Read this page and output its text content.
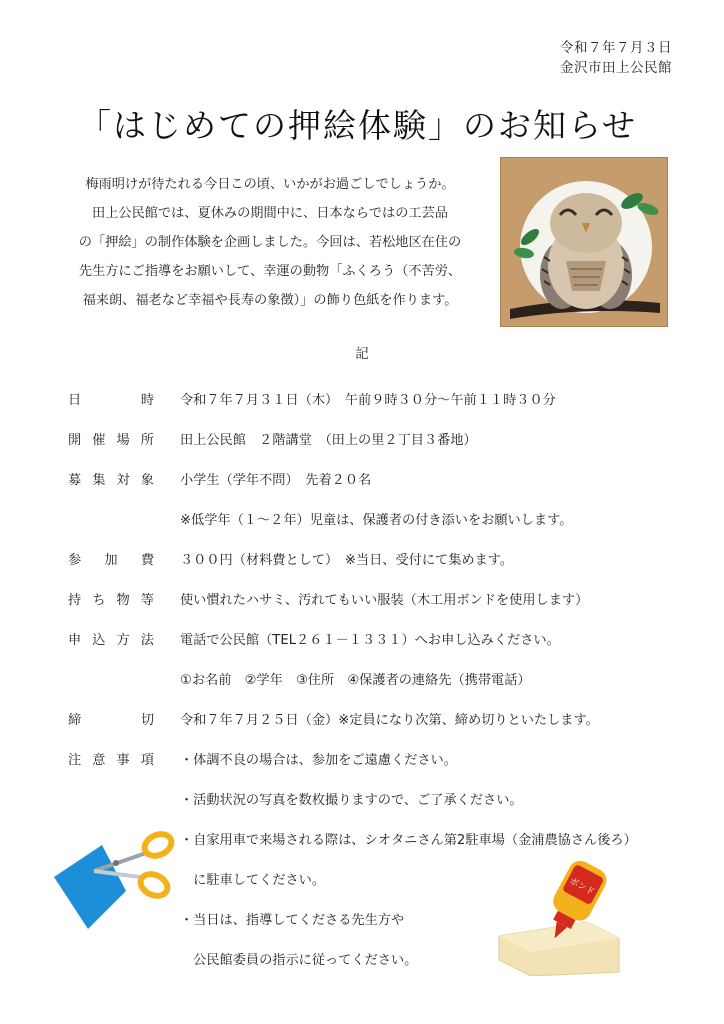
令和７年７月３日
金沢市田上公民館
「はじめての押絵体験」のお知らせ

梅雨明けが待たれる今日この頃、いかがお過ごしでしょうか。

田上公民館では、夏休みの期間中に、日本ならではの工芸品

の「押絵」の制作体験を企画しました。今回は、若松地区在住の

先生方にご指導をお願いして、幸運の動物「ふくろう（不苦労、

福来朗、福老など幸福や長寿の象徴）」の飾り色紙を作ります。

記
日	時 令和７年７月３１日（木）　午前９時３０分～午前１１時３０分
開 催 場 所 田上公民館　２階講堂　（田上の里２丁目３番地）
募 集 対 象 小学生（学年不問）　先着２０名
※低学年（１～２年）児童は、保護者の付き添いをお願いします。
参 加 費 ３００円（材料費として）　※当日、受付にて集めます。
持 ち 物 等 使い慣れたハサミ、汚れてもいい服装（木工用ボンドを使用します）
申 込 方 法 電話で公民館（TEL２６１－１３３１）へお申し込みください。
①お名前　②学年　③住所　④保護者の連絡先（携帯電話）
締	切 令和７年７月２５日（金）※定員になり次第、締め切りといたします。
注 意 事 項 ・体調不良の場合は、参加をご遠慮ください。
・活動状況の写真を数枚撮りますので、ご了承ください。
・自家用車で来場される際は、シオタニさん第2駐車場（金浦農協さん後ろ）
　に駐車してください。
・当日は、指導してくださる先生方や
　公民館委員の指示に従ってください。
ボンド
